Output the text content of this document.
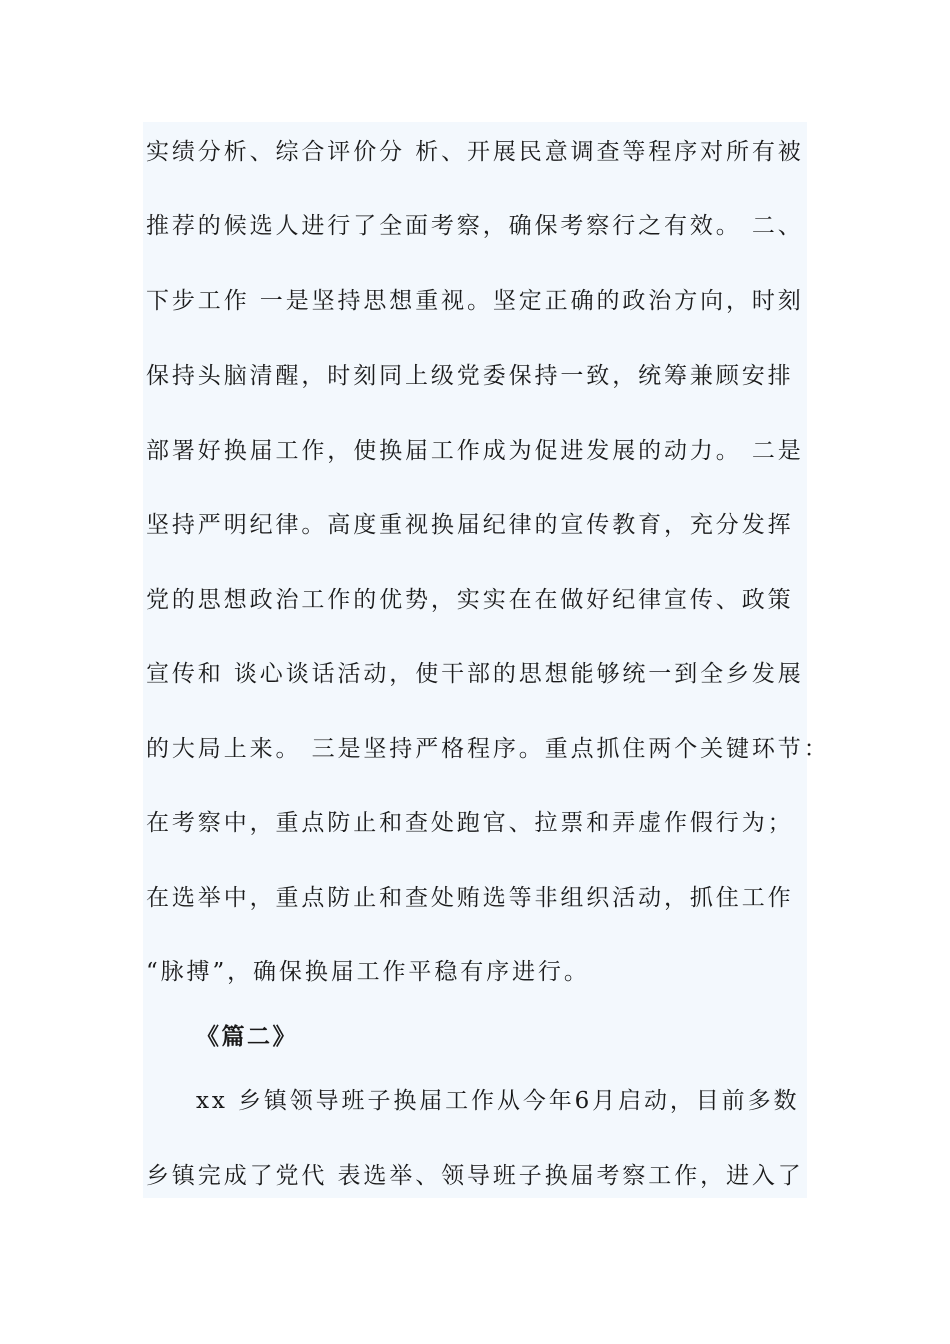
实绩分析、综合评价分 析、开展民意调查等程序对所有被

推荐的候选人进行了全面考察，确保考察行之有效。 二、

下步工作 一是坚持思想重视。坚定正确的政治方向，时刻

保持头脑清醒，时刻同上级党委保持一致，统筹兼顾安排

部署好换届工作，使换届工作成为促进发展的动力。 二是

坚持严明纪律。高度重视换届纪律的宣传教育，充分发挥

党的思想政治工作的优势，实实在在做好纪律宣传、政策

宣传和 谈心谈话活动，使干部的思想能够统一到全乡发展

的大局上来。 三是坚持严格程序。重点抓住两个关键环节：

在考察中，重点防止和查处跑官、拉票和弄虚作假行为；

在选举中，重点防止和查处贿选等非组织活动，抓住工作

“脉搏”，确保换届工作平稳有序进行。

《篇二》

xx 乡镇领导班子换届工作从今年6月启动，目前多数

乡镇完成了党代 表选举、领导班子换届考察工作，进入了
